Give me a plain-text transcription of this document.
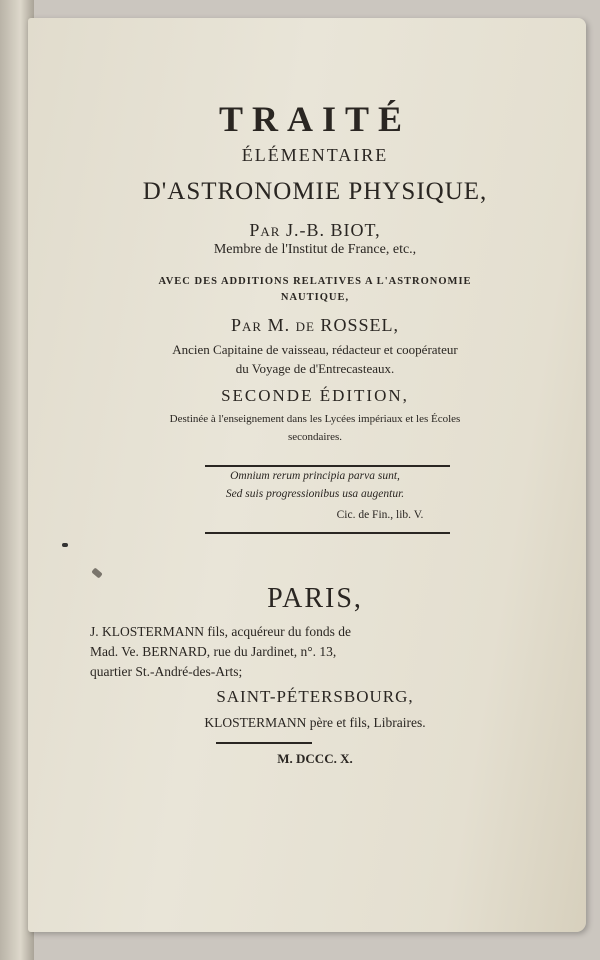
TRAITÉ
ÉLÉMENTAIRE
D'ASTRONOMIE PHYSIQUE,
Par J.-B. BIOT,
Membre de l'Institut de France, etc.,
AVEC DES ADDITIONS RELATIVES A L'ASTRONOMIE
NAUTIQUE,
Par M. de ROSSEL,
Ancien Capitaine de vaisseau, rédacteur et coopérateur
du Voyage de d'Entrecasteaux.
SECONDE ÉDITION,
Destinée à l'enseignement dans les Lycées impériaux et les Écoles
secondaires.
Omnium rerum principia parva sunt,
Sed suis progressionibus usa augentur.
Cic. de Fin., lib. V.
PARIS,
J. KLOSTERMANN fils, acquéreur du fonds de
Mad. Ve. BERNARD, rue du Jardinet, n°. 13,
quartier St.-André-des-Arts;
SAINT-PÉTERSBOURG,
KLOSTERMANN père et fils, Libraires.
M. DCCC. X.
